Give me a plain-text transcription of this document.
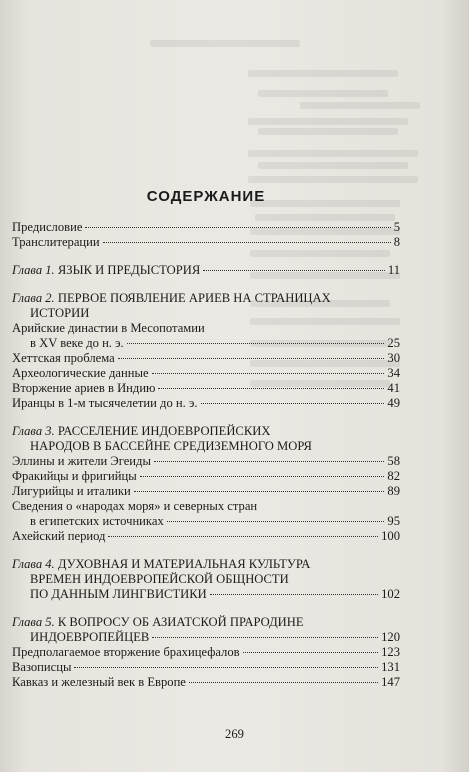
СОДЕРЖАНИЕ
Предисловие	5
Транслитерации	8
Глава 1. ЯЗЫК И ПРЕДЫСТОРИЯ	11
Глава 2. ПЕРВОЕ ПОЯВЛЕНИЕ АРИЕВ НА СТРАНИЦАХ
ИСТОРИИ
Арийские династии в Месопотамии
в XV веке до н. э.	25
Хеттская проблема	30
Археологические данные	34
Вторжение ариев в Индию	41
Иранцы в 1-м тысячелетии до н. э.	49
Глава 3. РАССЕЛЕНИЕ ИНДОЕВРОПЕЙСКИХ
НАРОДОВ В БАССЕЙНЕ СРЕДИЗЕМНОГО МОРЯ
Эллины и жители Эгеиды	58
Фракийцы и фригийцы	82
Лигурийцы и италики	89
Сведения о «народах моря» и северных стран
в египетских источниках	95
Ахейский период	100
Глава 4. ДУХОВНАЯ И МАТЕРИАЛЬНАЯ КУЛЬТУРА
ВРЕМЕН ИНДОЕВРОПЕЙСКОЙ ОБЩНОСТИ
ПО ДАННЫМ ЛИНГВИСТИКИ	102
Глава 5. К ВОПРОСУ ОБ АЗИАТСКОЙ ПРАРОДИНЕ
ИНДОЕВРОПЕЙЦЕВ	120
Предполагаемое вторжение брахицефалов	123
Вазописцы	131
Кавказ и железный век в Европе	147
269
